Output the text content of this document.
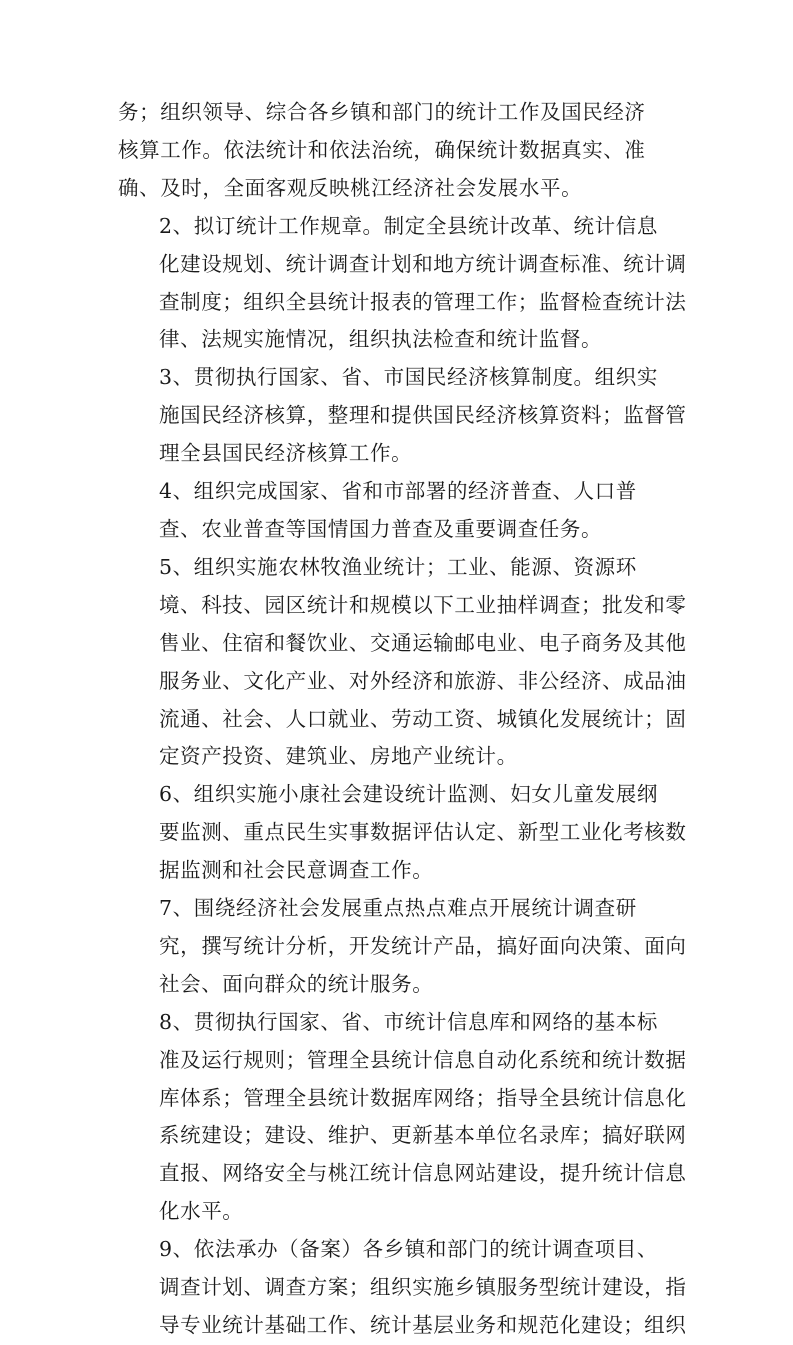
务；组织领导、综合各乡镇和部门的统计工作及国民经济
核算工作。依法统计和依法治统，确保统计数据真实、准
确、及时，全面客观反映桃江经济社会发展水平。
2、拟订统计工作规章。制定全县统计改革、统计信息
化建设规划、统计调查计划和地方统计调查标准、统计调
查制度；组织全县统计报表的管理工作；监督检查统计法
律、法规实施情况，组织执法检查和统计监督。
3、贯彻执行国家、省、市国民经济核算制度。组织实
施国民经济核算，整理和提供国民经济核算资料；监督管
理全县国民经济核算工作。
4、组织完成国家、省和市部署的经济普查、人口普
查、农业普查等国情国力普查及重要调查任务。
5、组织实施农林牧渔业统计；工业、能源、资源环
境、科技、园区统计和规模以下工业抽样调查；批发和零
售业、住宿和餐饮业、交通运输邮电业、电子商务及其他
服务业、文化产业、对外经济和旅游、非公经济、成品油
流通、社会、人口就业、劳动工资、城镇化发展统计；固
定资产投资、建筑业、房地产业统计。
6、组织实施小康社会建设统计监测、妇女儿童发展纲
要监测、重点民生实事数据评估认定、新型工业化考核数
据监测和社会民意调查工作。
7、围绕经济社会发展重点热点难点开展统计调查研
究，撰写统计分析，开发统计产品，搞好面向决策、面向
社会、面向群众的统计服务。
8、贯彻执行国家、省、市统计信息库和网络的基本标
准及运行规则；管理全县统计信息自动化系统和统计数据
库体系；管理全县统计数据库网络；指导全县统计信息化
系统建设；建设、维护、更新基本单位名录库；搞好联网
直报、网络安全与桃江统计信息网站建设，提升统计信息
化水平。
9、依法承办（备案）各乡镇和部门的统计调查项目、
调查计划、调查方案；组织实施乡镇服务型统计建设，指
导专业统计基础工作、统计基层业务和规范化建设；组织
